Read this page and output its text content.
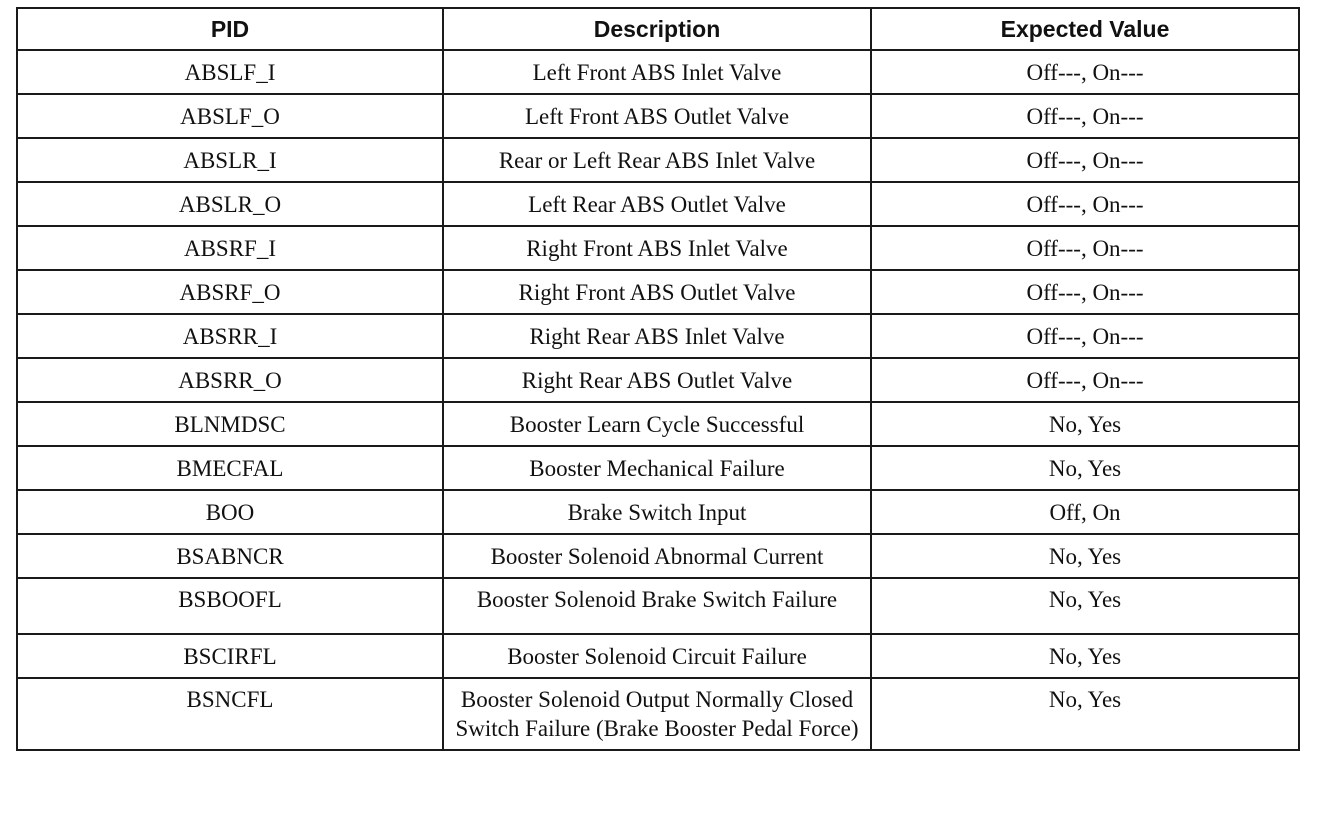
PID	Description	Expected Value
ABSLF_I	Left Front ABS Inlet Valve	Off---, On---
ABSLF_O	Left Front ABS Outlet Valve	Off---, On---
ABSLR_I	Rear or Left Rear ABS Inlet Valve	Off---, On---
ABSLR_O	Left Rear ABS Outlet Valve	Off---, On---
ABSRF_I	Right Front ABS Inlet Valve	Off---, On---
ABSRF_O	Right Front ABS Outlet Valve	Off---, On---
ABSRR_I	Right Rear ABS Inlet Valve	Off---, On---
ABSRR_O	Right Rear ABS Outlet Valve	Off---, On---
BLNMDSC	Booster Learn Cycle Successful	No, Yes
BMECFAL	Booster Mechanical Failure	No, Yes
BOO	Brake Switch Input	Off, On
BSABNCR	Booster Solenoid Abnormal Current	No, Yes
BSBOOFL	Booster Solenoid Brake Switch Failure	No, Yes
BSCIRFL	Booster Solenoid Circuit Failure	No, Yes
BSNCFL	Booster Solenoid Output Normally Closed Switch Failure (Brake Booster Pedal Force)	No, Yes
